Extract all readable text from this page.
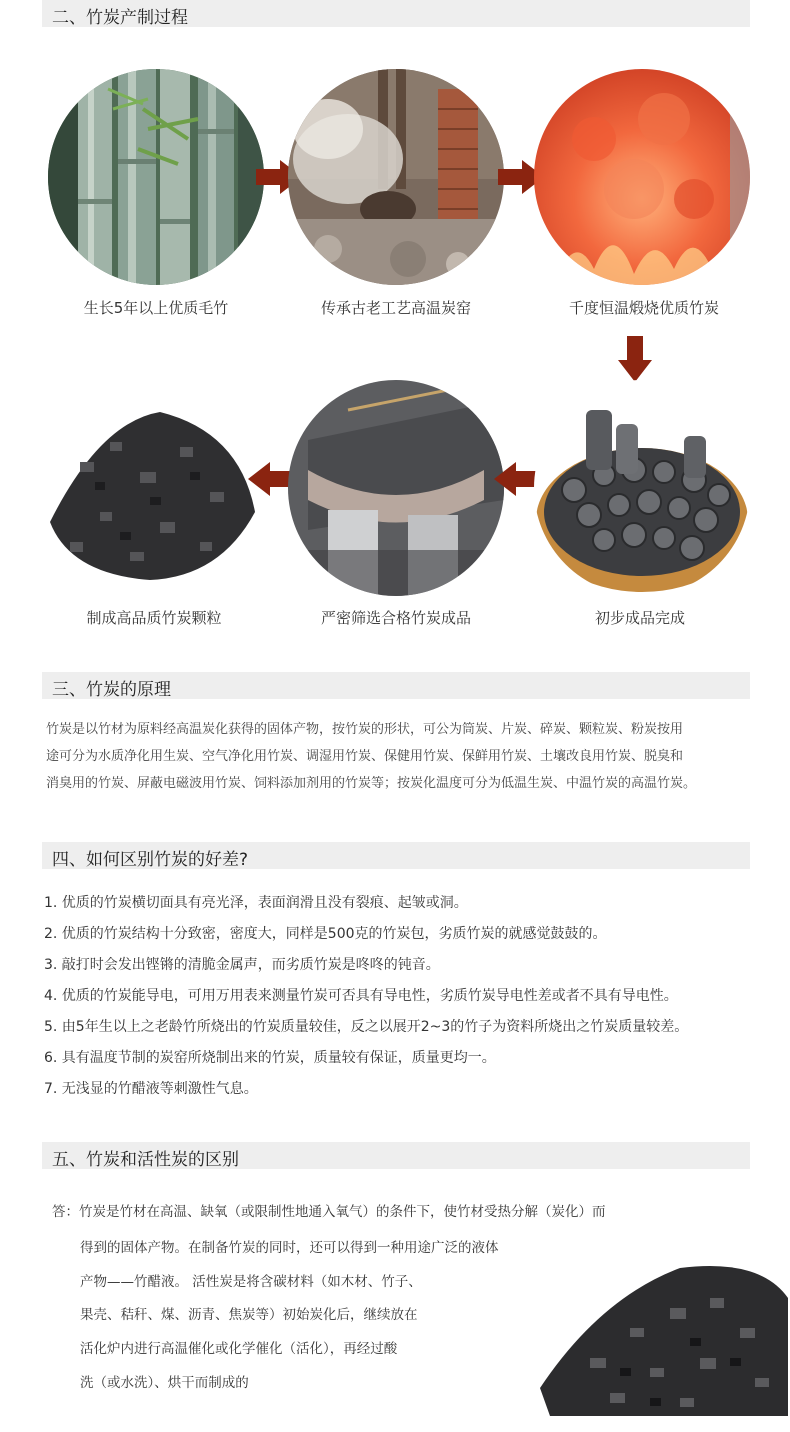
二、竹炭产制过程
生长5年以上优质毛竹	传承古老工艺高温炭窑	千度恒温煅烧优质竹炭
制成高品质竹炭颗粒	严密筛选合格竹炭成品	初步成品完成
三、竹炭的原理
竹炭是以竹材为原料经高温炭化获得的固体产物，按竹炭的形状，可公为筒炭、片炭、碎炭、颗粒炭、粉炭按用
途可分为水质净化用生炭、空气净化用竹炭、调湿用竹炭、保健用竹炭、保鲜用竹炭、土壤改良用竹炭、脱臭和
消臭用的竹炭、屏蔽电磁波用竹炭、饲料添加剂用的竹炭等；按炭化温度可分为低温生炭、中温竹炭的高温竹炭。
四、如何区别竹炭的好差?
1. 优质的竹炭横切面具有亮光泽，表面润滑且没有裂痕、起皱或洞。
2. 优质的竹炭结构十分致密，密度大，同样是500克的竹炭包，劣质竹炭的就感觉鼓鼓的。
3. 敲打时会发出铿锵的清脆金属声，而劣质竹炭是咚咚的钝音。
4. 优质的竹炭能导电，可用万用表来测量竹炭可否具有导电性，劣质竹炭导电性差或者不具有导电性。
5. 由5年生以上之老龄竹所烧出的竹炭质量较佳，反之以展开2~3的竹子为资料所烧出之竹炭质量较差。
6. 具有温度节制的炭窑所烧制出来的竹炭，质量较有保证，质量更均一。
7. 无浅显的竹醋液等刺激性气息。
五、竹炭和活性炭的区别
答：竹炭是竹材在高温、缺氧（或限制性地通入氧气）的条件下，使竹材受热分解（炭化）而
得到的固体产物。在制备竹炭的同时，还可以得到一种用途广泛的液体
产物——竹醋液。 活性炭是将含碳材料（如木材、竹子、
果壳、秸秆、煤、沥青、焦炭等）初始炭化后，继续放在
活化炉内进行高温催化或化学催化（活化），再经过酸
洗（或水洗）、烘干而制成的
